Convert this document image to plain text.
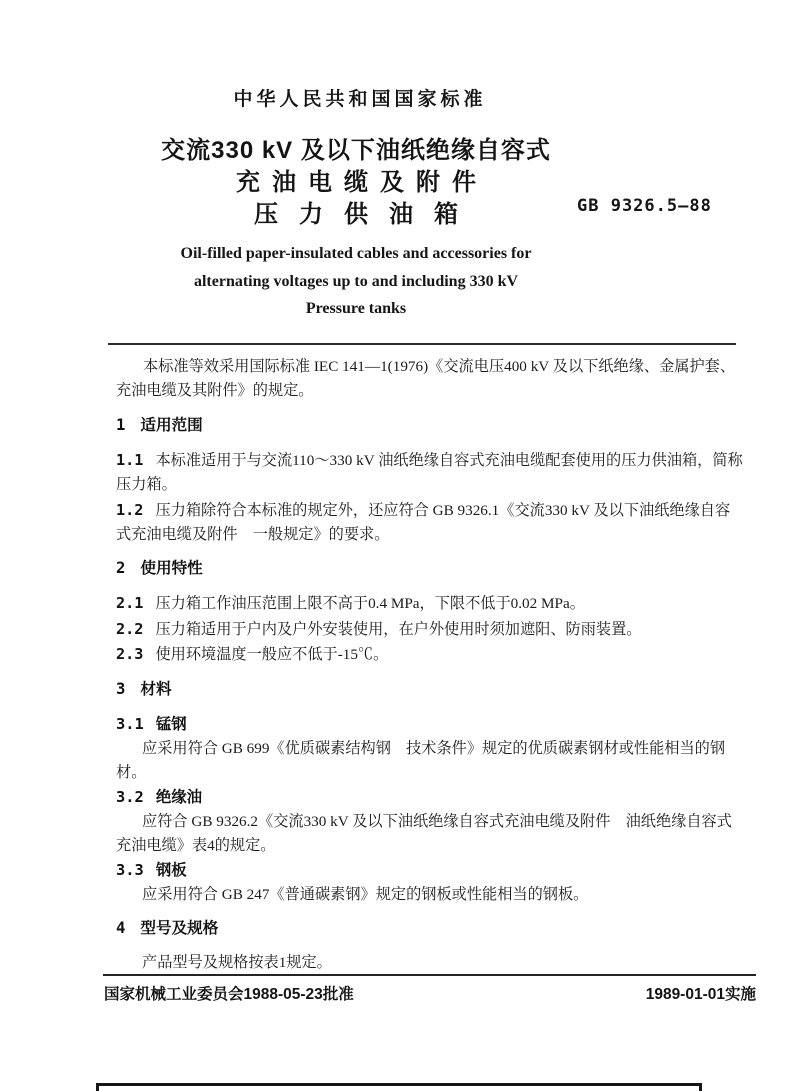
中华人民共和国国家标准
交流330 kV 及以下油纸绝缘自容式
充油电缆及附件
压力供油箱	GB 9326.5—88
Oil-filled paper-insulated cables and accessories for
alternating voltages up to and including 330 kV
Pressure tanks

本标准等效采用国际标准 IEC 141—1(1976)《交流电压400 kV 及以下纸绝缘、金属护套、充油电缆及其附件》的规定。

1 适用范围

1.1 本标准适用于与交流110～330 kV 油纸绝缘自容式充油电缆配套使用的压力供油箱，简称压力箱。

1.2 压力箱除符合本标准的规定外，还应符合 GB 9326.1《交流330 kV 及以下油纸绝缘自容式充油电缆及附件　一般规定》的要求。

2 使用特性

2.1 压力箱工作油压范围上限不高于0.4 MPa，下限不低于0.02 MPa。

2.2 压力箱适用于户内及户外安装使用，在户外使用时须加遮阳、防雨装置。

2.3 使用环境温度一般应不低于-15℃。

3 材料

3.1 锰钢

应采用符合 GB 699《优质碳素结构钢　技术条件》规定的优质碳素钢材或性能相当的钢材。

3.2 绝缘油

应符合 GB 9326.2《交流330 kV 及以下油纸绝缘自容式充油电缆及附件　油纸绝缘自容式充油电缆》表4的规定。

3.3 钢板

应采用符合 GB 247《普通碳素钢》规定的钢板或性能相当的钢板。

4 型号及规格

产品型号及规格按表1规定。

国家机械工业委员会1988-05-23批准	1989-01-01实施
